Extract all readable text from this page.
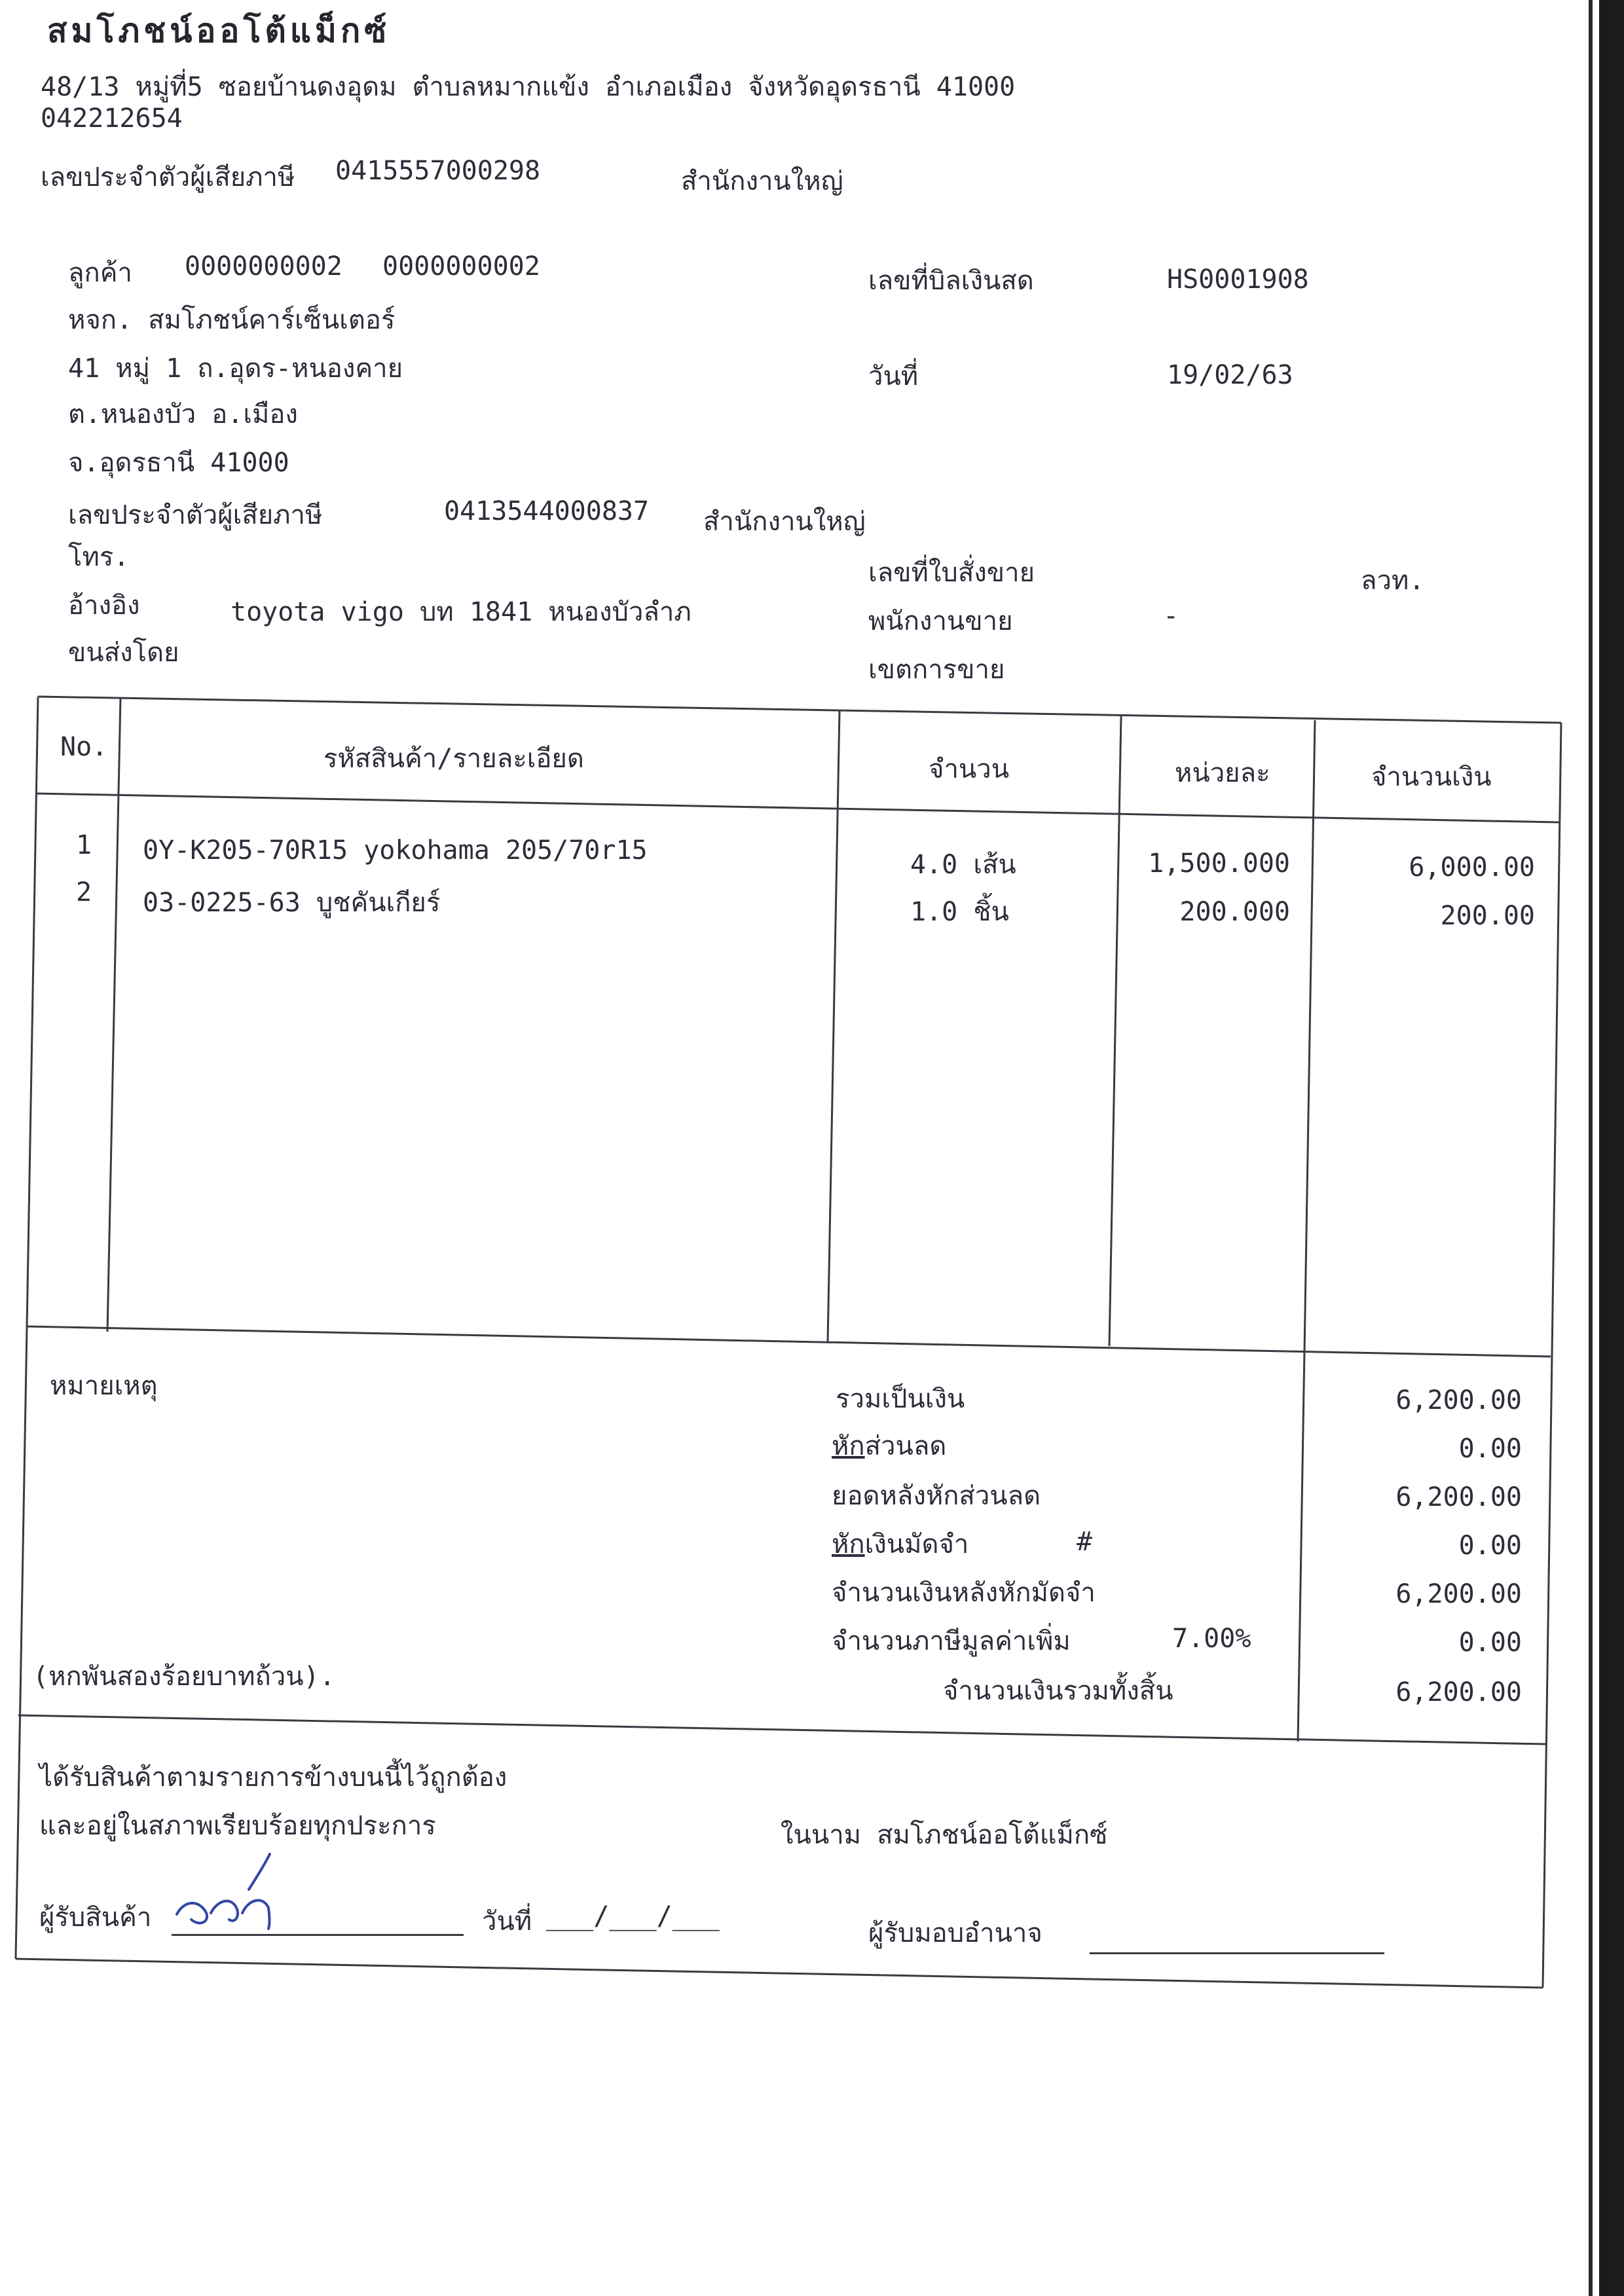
สมโภชน์ออโต้แม็กซ์
48/13 หมู่ที่5 ซอยบ้านดงอุดม ตำบลหมากแข้ง อำเภอเมือง จังหวัดอุดรธานี 41000
042212654
เลขประจำตัวผู้เสียภาษี 0415557000298	สำนักงานใหญ่
ลูกค้า 0000000002 0000000002
หจก. สมโภชน์คาร์เซ็นเตอร์
41 หมู่ 1 ถ.อุดร-หนองคาย
ต.หนองบัว อ.เมือง
จ.อุดรธานี 41000
เลขประจำตัวผู้เสียภาษี	0413544000837 สำนักงานใหญ่
โทร.
อ้างอิง	toyota vigo บท 1841 หนองบัวลำภ
ขนส่งโดย
เลขที่บิลเงินสด	HS0001908
วันที่	19/02/63
เลขที่ใบสั่งขาย	ลวท.
พนักงานขาย	-
เขตการขาย
No.	รหัสสินค้า/รายละเอียด	จำนวน	หน่วยละ	จำนวนเงิน
1 0Y-K205-70R15 yokohama 205/70r15	4.0 เส้น	1,500.000	6,000.00
2 03-0225-63 บูชคันเกียร์	1.0 ชิ้น	200.000	200.00
หมายเหตุ
(หกพันสองร้อยบาทถ้วน).
รวมเป็นเงิน	6,200.00
หักส่วนลด	0.00
ยอดหลังหักส่วนลด	6,200.00
หักเงินมัดจำ	#	0.00
จำนวนเงินหลังหักมัดจำ	6,200.00
จำนวนภาษีมูลค่าเพิ่ม	7.00%	0.00
จำนวนเงินรวมทั้งสิ้น	6,200.00
ได้รับสินค้าตามรายการข้างบนนี้ไว้ถูกต้อง
และอยู่ในสภาพเรียบร้อยทุกประการ	ในนาม สมโภชน์ออโต้แม็กซ์
ผู้รับสินค้า	วันที่ ___/___/___
ผู้รับมอบอำนาจ
